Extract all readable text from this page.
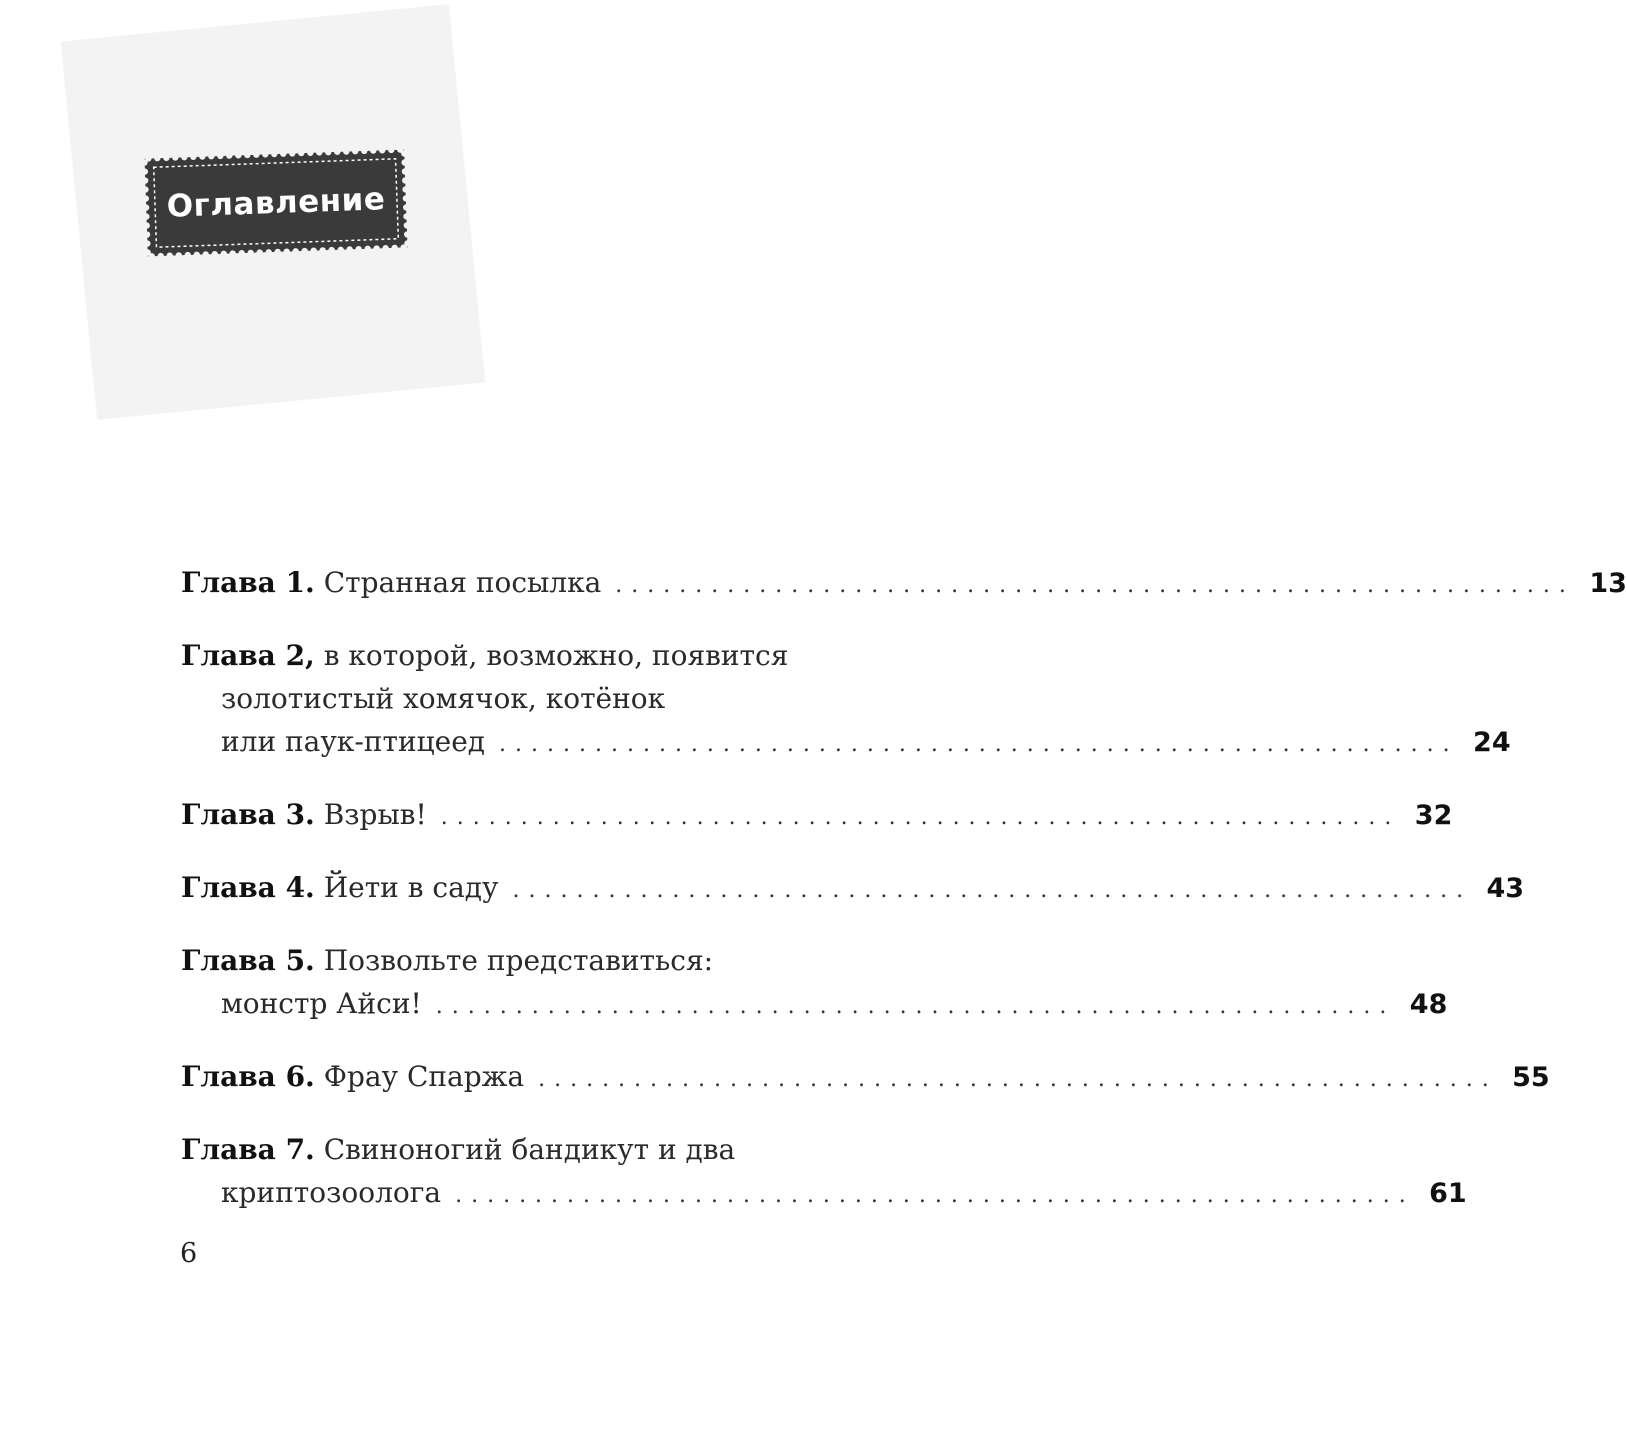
Оглавление
Глава 1.
Странная посылка ............................................................ 13
Глава 2,
в которой, возможно, появится
золотистый хомячок, котёнок
или паук-птицеед ............................................................ 24
Глава 3.
Взрыв! ............................................................ 32
Глава 4.
Йети в саду ............................................................ 43
Глава 5.
Позвольте представиться:
монстр Айси! ............................................................ 48
Глава 6.
Фрау Спаржа ............................................................ 55
Глава 7.
Свиноногий бандикут и два
криптозоолога ............................................................ 61
6
